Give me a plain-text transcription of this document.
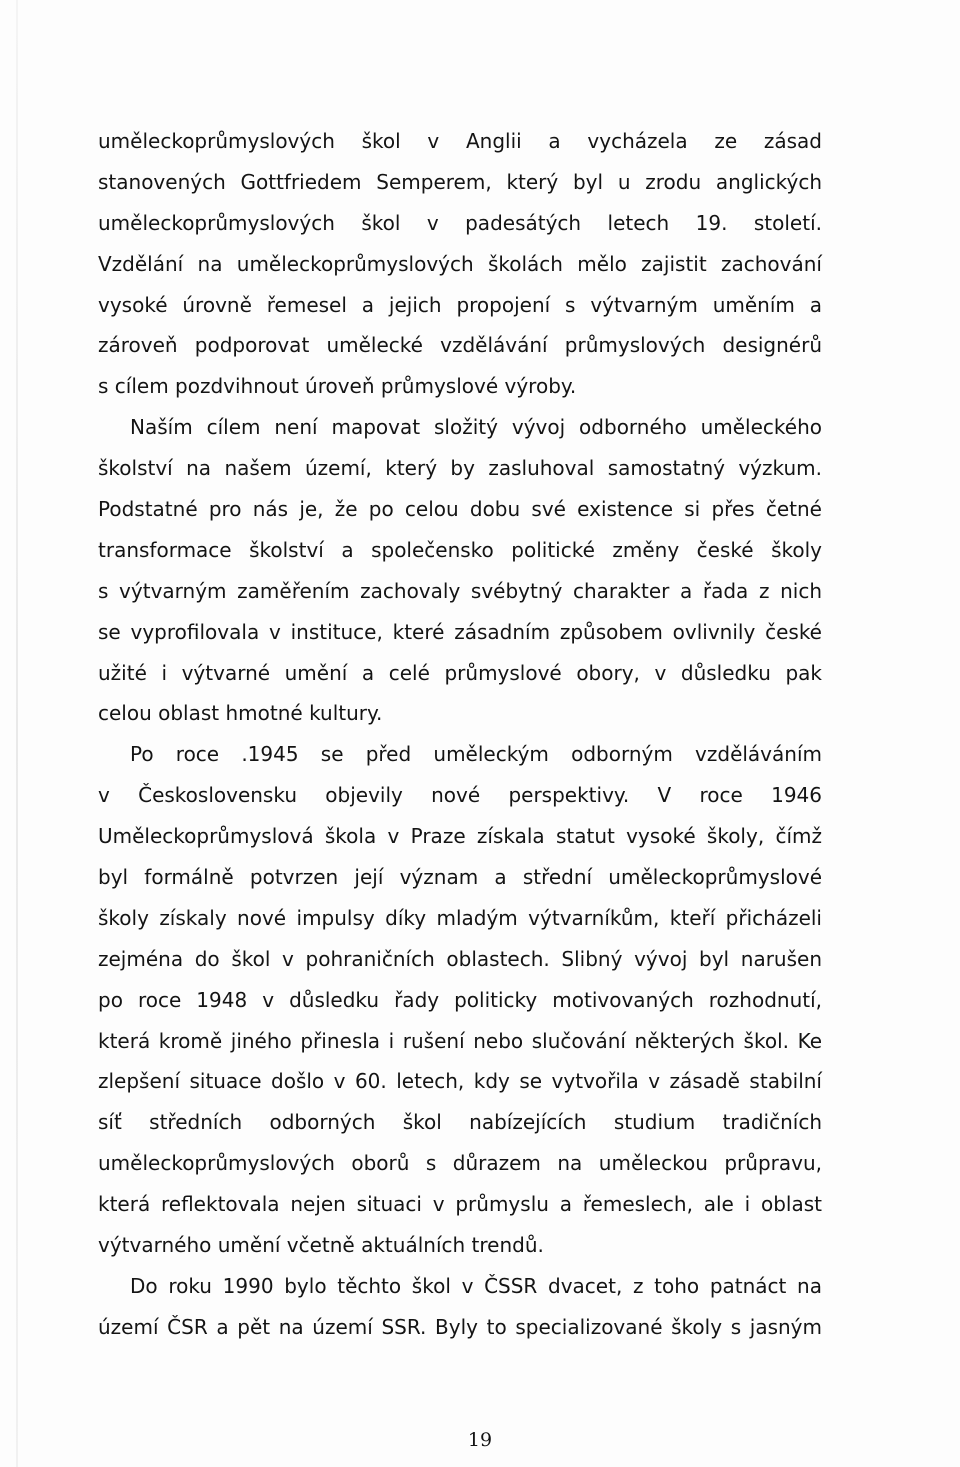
uměleckoprůmyslových škol v Anglii a vycházela ze zásad
stanovených Gottfriedem Semperem, který byl u zrodu anglických
uměleckoprůmyslových škol v padesátých letech 19. století.
Vzdělání na uměleckoprůmyslových školách mělo zajistit zachování
vysoké úrovně řemesel a jejich propojení s výtvarným uměním a
zároveň podporovat umělecké vzdělávání průmyslových designérů
s cílem pozdvihnout úroveň průmyslové výroby.
Naším cílem není mapovat složitý vývoj odborného uměleckého
školství na našem území, který by zasluhoval samostatný výzkum.
Podstatné pro nás je, že po celou dobu své existence si přes četné
transformace školství a společensko politické změny české školy
s výtvarným zaměřením zachovaly svébytný charakter a řada z nich
se vyprofilovala v instituce, které zásadním způsobem ovlivnily české
užité i výtvarné umění a celé průmyslové obory, v důsledku pak
celou oblast hmotné kultury.
Po roce .1945 se před uměleckým odborným vzděláváním
v Československu objevily nové perspektivy. V roce 1946
Uměleckoprůmyslová škola v Praze získala statut vysoké školy, čímž
byl formálně potvrzen její význam a střední uměleckoprůmyslové
školy získaly nové impulsy díky mladým výtvarníkům, kteří přicházeli
zejména do škol v pohraničních oblastech. Slibný vývoj byl narušen
po roce 1948 v důsledku řady politicky motivovaných rozhodnutí,
která kromě jiného přinesla i rušení nebo slučování některých škol. Ke
zlepšení situace došlo v 60. letech, kdy se vytvořila v zásadě stabilní
síť středních odborných škol nabízejících studium tradičních
uměleckoprůmyslových oborů s důrazem na uměleckou průpravu,
která reflektovala nejen situaci v průmyslu a řemeslech, ale i oblast
výtvarného umění včetně aktuálních trendů.
Do roku 1990 bylo těchto škol v ČSSR dvacet, z toho patnáct na
území ČSR a pět na území SSR. Byly to specializované školy s jasným
19
